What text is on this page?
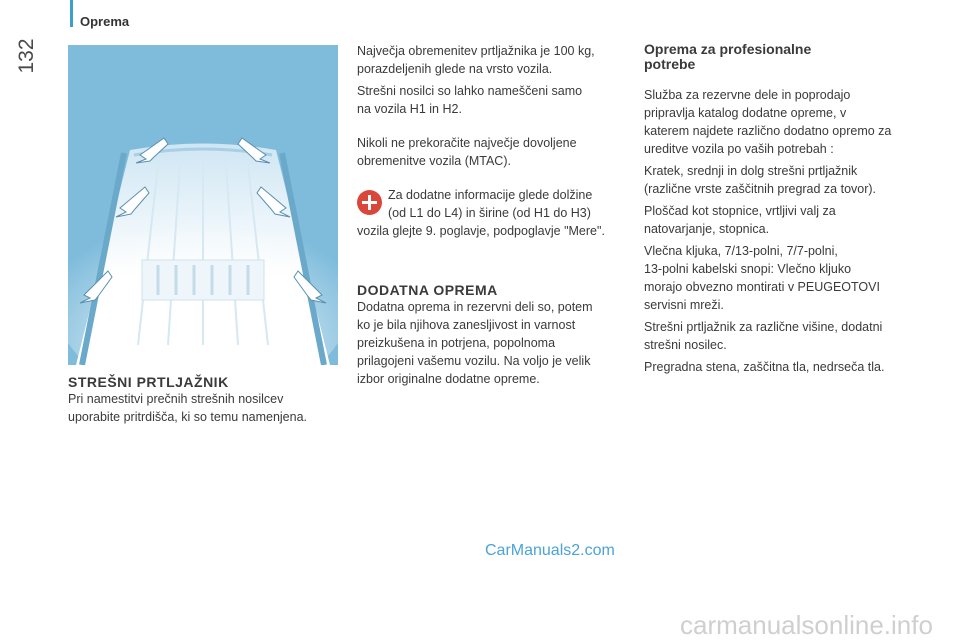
132
Oprema
STREŠNI PRTLJAŽNIK

Pri namestitvi prečnih strešnih nosilcev
uporabite pritrdišča, ki so temu namenjena.

Največja obremenitev prtljažnika je 100 kg,
porazdeljenih glede na vrsto vozila.

Strešni nosilci so lahko nameščeni samo
na vozila H1 in H2.

Nikoli ne prekoračite največje dovoljene
obremenitve vozila (MTAC).

Za dodatne informacije glede dolžine
(od L1 do L4) in širine (od H1 do H3)
vozila glejte 9. poglavje, podpoglavje "Mere".
DODATNA OPREMA

Dodatna oprema in rezervni deli so, potem
ko je bila njihova zanesljivost in varnost
preizkušena in potrjena, popolnoma
prilagojeni vašemu vozilu. Na voljo je velik
izbor originalne dodatne opreme.

Oprema za profesionalne
potrebe

Služba za rezervne dele in poprodajo
pripravlja katalog dodatne opreme, v
katerem najdete različno dodatno opremo za
ureditve vozila po vaših potrebah :

Kratek, srednji in dolg strešni prtljažnik
(različne vrste zaščitnih pregrad za tovor).

Ploščad kot stopnice, vrtljivi valj za
natovarjanje, stopnica.

Vlečna kljuka, 7/13-polni, 7/7-polni,
13-polni kabelski snopi: Vlečno kljuko
morajo obvezno montirati v PEUGEOTOVI
servisni mreži.

Strešni prtljažnik za različne višine, dodatni
strešni nosilec.

Pregradna stena, zaščitna tla, nedrseča tla.

CarManuals2.com
carmanualsonline.info
